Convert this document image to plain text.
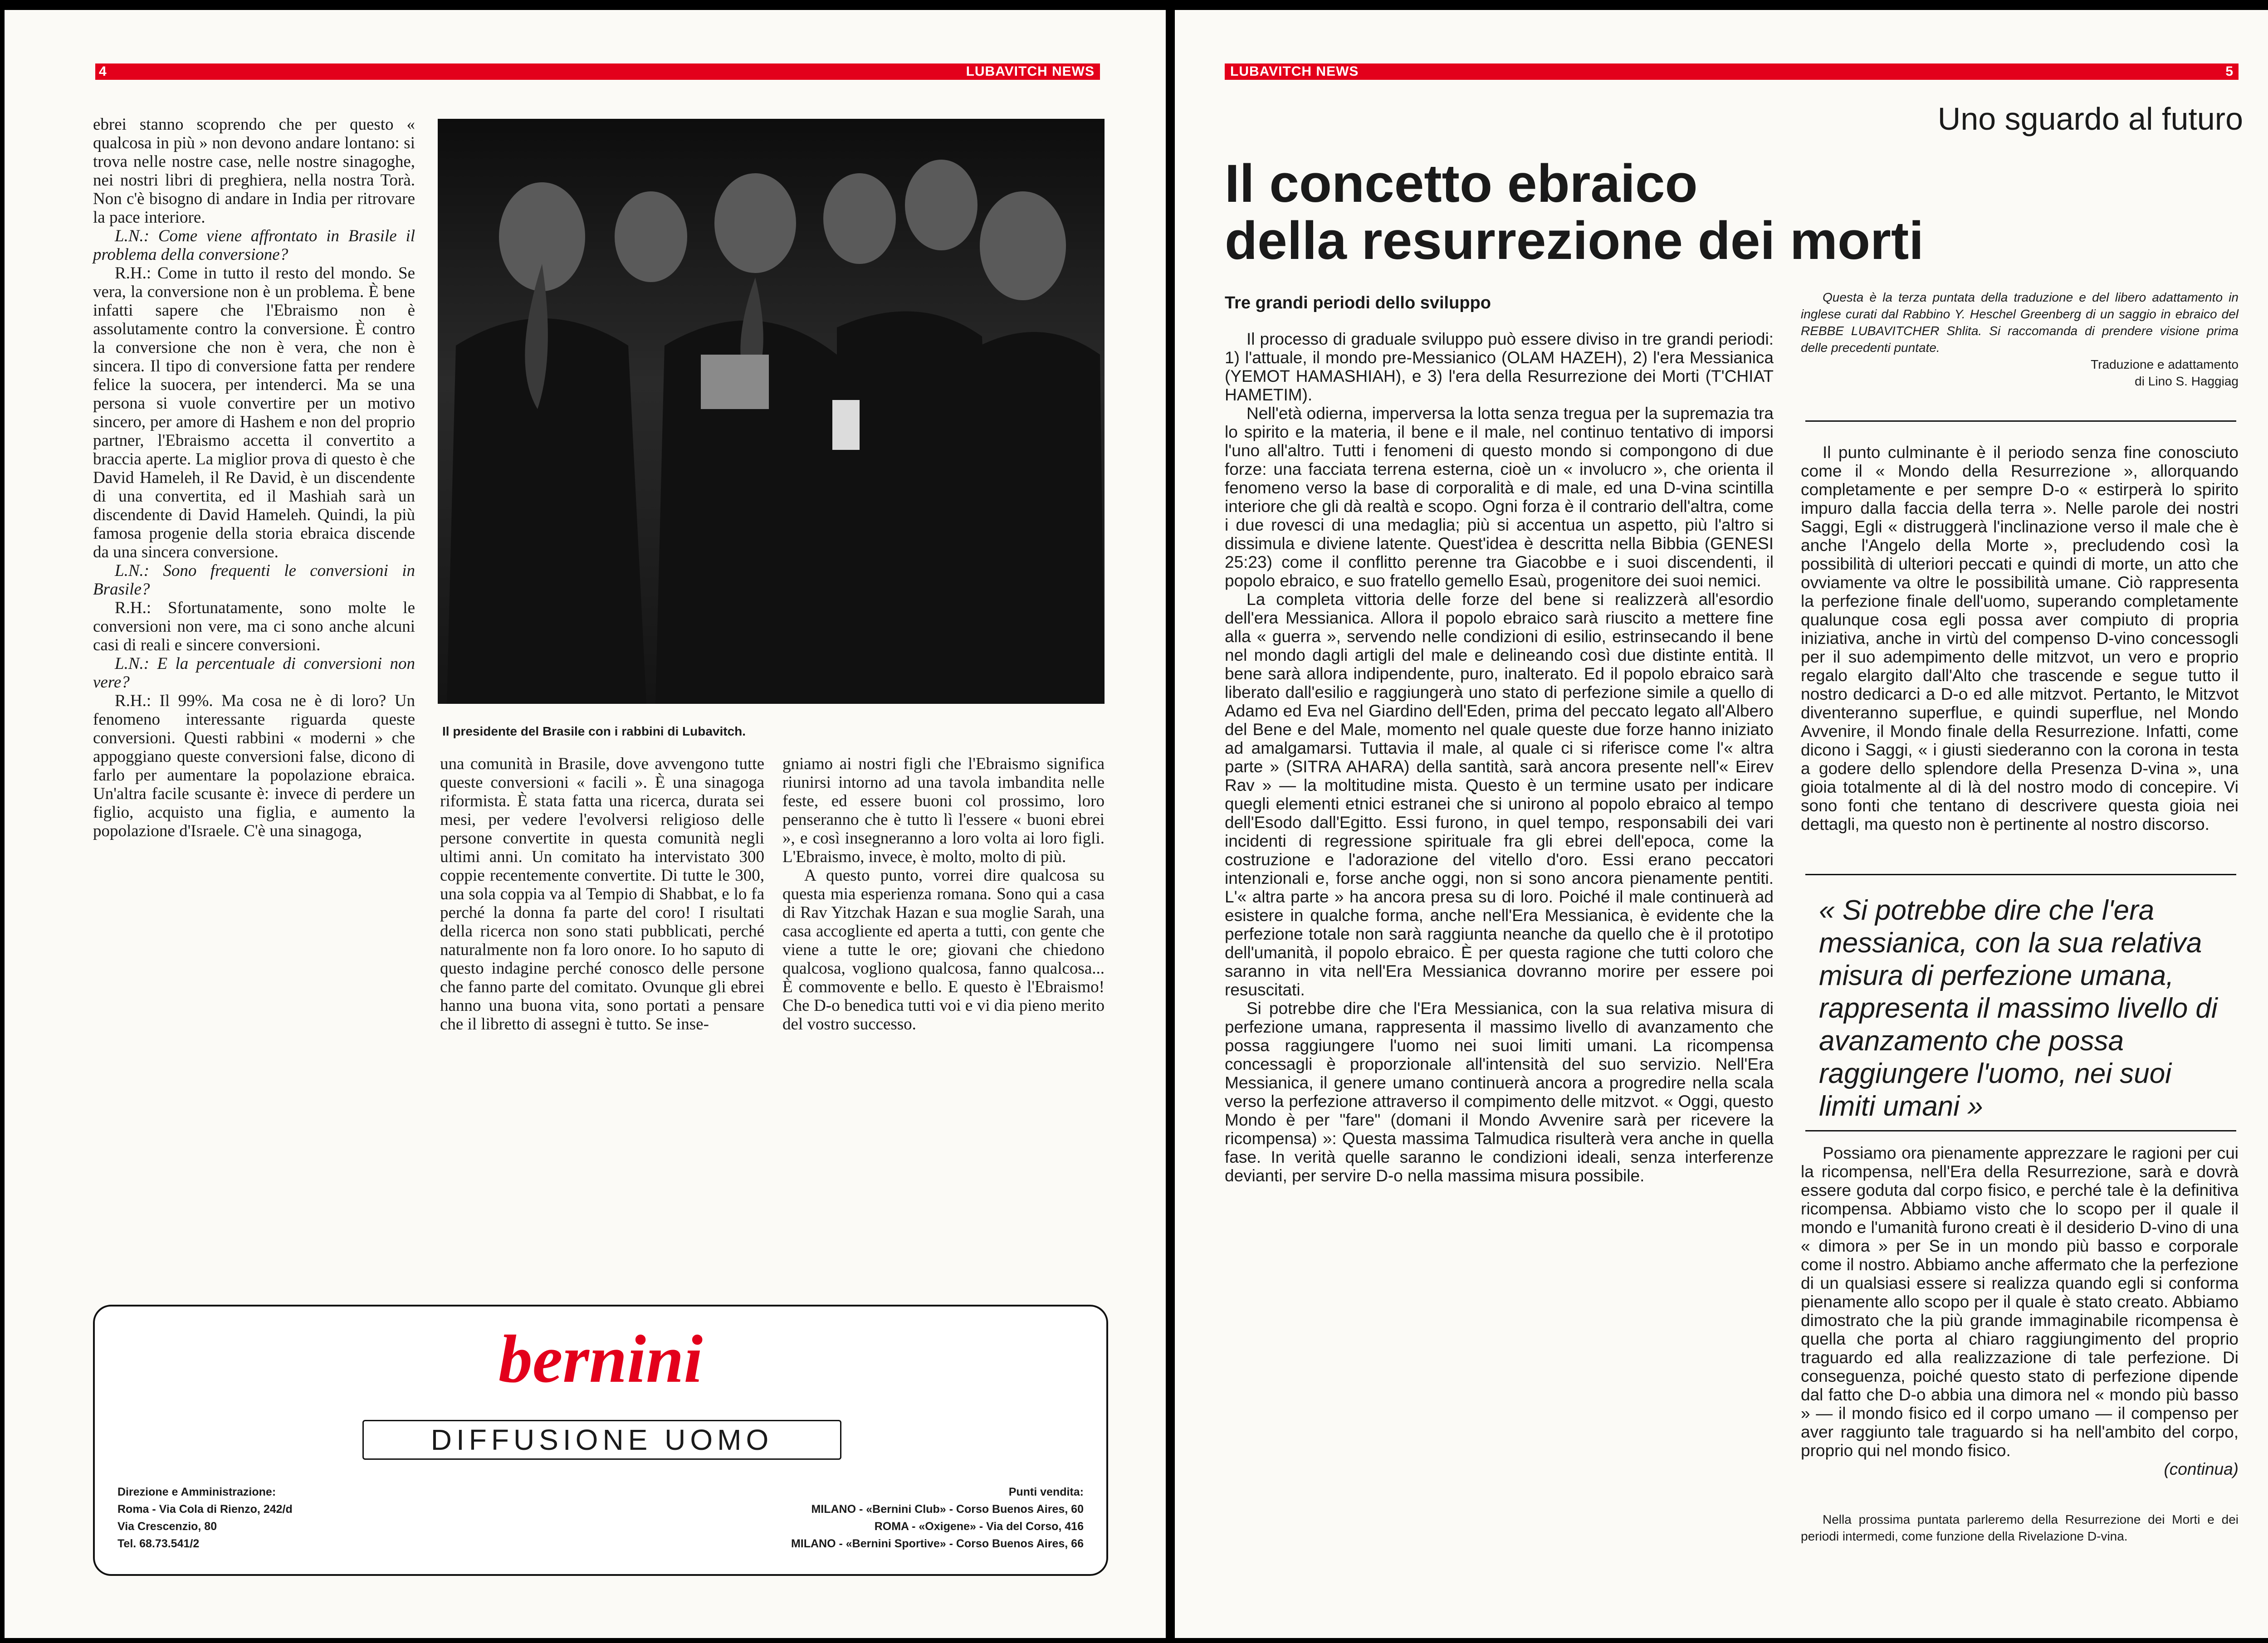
4	LUBAVITCH NEWS

ebrei stanno scoprendo che per questo « qualcosa in più » non devono andare lontano: si trova nelle nostre case, nelle nostre sinagoghe, nei nostri libri di preghiera, nella nostra Torà. Non c'è bisogno di andare in India per ritrovare la pace interiore.

L.N.: Come viene affrontato in Brasile il problema della conversione?

R.H.: Come in tutto il resto del mondo. Se vera, la conversione non è un problema. È bene infatti sapere che l'Ebraismo non è assolutamente contro la conversione. È contro la conversione che non è vera, che non è sincera. Il tipo di conversione fatta per rendere felice la suocera, per intenderci. Ma se una persona si vuole convertire per un motivo sincero, per amore di Hashem e non del proprio partner, l'Ebraismo accetta il convertito a braccia aperte. La miglior prova di questo è che David Hameleh, il Re David, è un discendente di una convertita, ed il Mashiah sarà un discendente di David Hameleh. Quindi, la più famosa progenie della storia ebraica discende da una sincera conversione.

L.N.: Sono frequenti le conversioni in Brasile?

R.H.: Sfortunatamente, sono molte le conversioni non vere, ma ci sono anche alcuni casi di reali e sincere conversioni.

L.N.: E la percentuale di conversioni non vere?

R.H.: Il 99%. Ma cosa ne è di loro? Un fenomeno interessante riguarda queste conversioni. Questi rabbini « moderni » che appoggiano queste conversioni false, dicono di farlo per aumentare la popolazione ebraica. Un'altra facile scusante è: invece di perdere un figlio, acquisto una figlia, e aumento la popolazione d'Israele. C'è una sinagoga,

Il presidente del Brasile con i rabbini di Lubavitch.

una comunità in Brasile, dove avvengono tutte queste conversioni « facili ». È una sinagoga riformista. È stata fatta una ricerca, durata sei mesi, per vedere l'evolversi religioso delle persone convertite in questa comunità negli ultimi anni. Un comitato ha intervistato 300 coppie recentemente convertite. Di tutte le 300, una sola coppia va al Tempio di Shabbat, e lo fa perché la donna fa parte del coro! I risultati della ricerca non sono stati pubblicati, perché naturalmente non fa loro onore. Io ho saputo di questo indagine perché conosco delle persone che fanno parte del comitato. Ovunque gli ebrei hanno una buona vita, sono portati a pensare che il libretto di assegni è tutto. Se inse-

gniamo ai nostri figli che l'Ebraismo significa riunirsi intorno ad una tavola imbandita nelle feste, ed essere buoni col prossimo, loro penseranno che è tutto lì l'essere « buoni ebrei », e così insegneranno a loro volta ai loro figli. L'Ebraismo, invece, è molto, molto di più.

A questo punto, vorrei dire qualcosa su questa mia esperienza romana. Sono qui a casa di Rav Yitzchak Hazan e sua moglie Sarah, una casa accogliente ed aperta a tutti, con gente che viene a tutte le ore; giovani che chiedono qualcosa, vogliono qualcosa, fanno qualcosa... È commovente e bello. E questo è l'Ebraismo! Che D-o benedica tutti voi e vi dia pieno merito del vostro successo.

bernini
DIFFUSIONE UOMO
Direzione e Amministrazione:
Roma - Via Cola di Rienzo, 242/d
Via Crescenzio, 80
Tel. 68.73.541/2
Punti vendita:
MILANO - «Bernini Club» - Corso Buenos Aires, 60
ROMA - «Oxigene» - Via del Corso, 416
MILANO - «Bernini Sportive» - Corso Buenos Aires, 66
LUBAVITCH NEWS	5
Uno sguardo al futuro
Il concetto ebraico
della resurrezione dei morti
Tre grandi periodi dello sviluppo	Questa è la terza puntata della traduzione e del libero adattamento in inglese curati dal Rabbino Y. Heschel Greenberg di un saggio in ebraico del REBBE LUBAVITCHER Shlita. Si raccomanda di prendere visione prima delle precedenti puntate.

Traduzione e adattamento
di Lino S. Haggiag

Il processo di graduale sviluppo può essere diviso in tre grandi periodi: 1) l'attuale, il mondo pre-Messianico (OLAM HAZEH), 2) l'era Messianica (YEMOT HAMASHIAH), e 3) l'era della Resurrezione dei Morti (T'CHIAT HAMETIM).

Nell'età odierna, imperversa la lotta senza tregua per la supremazia tra lo spirito e la materia, il bene e il male, nel continuo tentativo di imporsi l'uno all'altro. Tutti i fenomeni di questo mondo si compongono di due forze: una facciata terrena esterna, cioè un « involucro », che orienta il fenomeno verso la base di corporalità e di male, ed una D-vina scintilla interiore che gli dà realtà e scopo. Ogni forza è il contrario dell'altra, come i due rovesci di una medaglia; più si accentua un aspetto, più l'altro si dissimula e diviene latente. Quest'idea è descritta nella Bibbia (GENESI 25:23) come il conflitto perenne tra Giacobbe e i suoi discendenti, il popolo ebraico, e suo fratello gemello Esaù, progenitore dei suoi nemici.

La completa vittoria delle forze del bene si realizzerà all'esordio dell'era Messianica. Allora il popolo ebraico sarà riuscito a mettere fine alla « guerra », servendo nelle condizioni di esilio, estrinsecando il bene nel mondo dagli artigli del male e delineando così due distinte entità. Il bene sarà allora indipendente, puro, inalterato. Ed il popolo ebraico sarà liberato dall'esilio e raggiungerà uno stato di perfezione simile a quello di Adamo ed Eva nel Giardino dell'Eden, prima del peccato legato all'Albero del Bene e del Male, momento nel quale queste due forze hanno iniziato ad amalgamarsi. Tuttavia il male, al quale ci si riferisce come l'« altra parte » (SITRA AHARA) della santità, sarà ancora presente nell'« Eirev Rav » — la moltitudine mista. Questo è un termine usato per indicare quegli elementi etnici estranei che si unirono al popolo ebraico al tempo dell'Esodo dall'Egitto. Essi furono, in quel tempo, responsabili dei vari incidenti di regressione spirituale fra gli ebrei dell'epoca, come la costruzione e l'adorazione del vitello d'oro. Essi erano peccatori intenzionali e, forse anche oggi, non si sono ancora pienamente pentiti. L'« altra parte » ha ancora presa su di loro. Poiché il male continuerà ad esistere in qualche forma, anche nell'Era Messianica, è evidente che la perfezione totale non sarà raggiunta neanche da quello che è il prototipo dell'umanità, il popolo ebraico. È per questa ragione che tutti coloro che saranno in vita nell'Era Messianica dovranno morire per essere poi resuscitati.

Si potrebbe dire che l'Era Messianica, con la sua relativa misura di perfezione umana, rappresenta il massimo livello di avanzamento che possa raggiungere l'uomo nei suoi limiti umani. La ricompensa concessagli è proporzionale all'intensità del suo servizio. Nell'Era Messianica, il genere umano continuerà ancora a progredire nella scala verso la perfezione attraverso il compimento delle mitzvot. « Oggi, questo Mondo è per "fare" (domani il Mondo Avvenire sarà per ricevere la ricompensa) »: Questa massima Talmudica risulterà vera anche in quella fase. In verità quelle saranno le condizioni ideali, senza interferenze devianti, per servire D-o nella massima misura possibile.

Il punto culminante è il periodo senza fine conosciuto come il « Mondo della Resurrezione », allorquando completamente e per sempre D-o « estirperà lo spirito impuro dalla faccia della terra ». Nelle parole dei nostri Saggi, Egli « distruggerà l'inclinazione verso il male che è anche l'Angelo della Morte », precludendo così la possibilità di ulteriori peccati e quindi di morte, un atto che ovviamente va oltre le possibilità umane. Ciò rappresenta la perfezione finale dell'uomo, superando completamente qualunque cosa egli possa aver compiuto di propria iniziativa, anche in virtù del compenso D-vino concessogli per il suo adempimento delle mitzvot, un vero e proprio regalo elargito dall'Alto che trascende e segue tutto il nostro dedicarci a D-o ed alle mitzvot. Pertanto, le Mitzvot diventeranno superflue, e quindi superflue, nel Mondo Avvenire, il Mondo finale della Resurrezione. Infatti, come dicono i Saggi, « i giusti siederanno con la corona in testa a godere dello splendore della Presenza D-vina », una gioia totalmente al di là del nostro modo di concepire. Vi sono fonti che tentano di descrivere questa gioia nei dettagli, ma questo non è pertinente al nostro discorso.

« Si potrebbe dire che l'era messianica, con la sua relativa misura di perfezione umana, rappresenta il massimo livello di avanzamento che possa raggiungere l'uomo, nei suoi limiti umani »

Possiamo ora pienamente apprezzare le ragioni per cui la ricompensa, nell'Era della Resurrezione, sarà e dovrà essere goduta dal corpo fisico, e perché tale è la definitiva ricompensa. Abbiamo visto che lo scopo per il quale il mondo e l'umanità furono creati è il desiderio D-vino di una « dimora » per Se in un mondo più basso e corporale come il nostro. Abbiamo anche affermato che la perfezione di un qualsiasi essere si realizza quando egli si conforma pienamente allo scopo per il quale è stato creato. Abbiamo dimostrato che la più grande immaginabile ricompensa è quella che porta al chiaro raggiungimento del proprio traguardo ed alla realizzazione di tale perfezione. Di conseguenza, poiché questo stato di perfezione dipende dal fatto che D-o abbia una dimora nel « mondo più basso » — il mondo fisico ed il corpo umano — il compenso per aver raggiunto tale traguardo si ha nell'ambito del corpo, proprio qui nel mondo fisico.

(continua)

Nella prossima puntata parleremo della Resurrezione dei Morti e dei periodi intermedi, come funzione della Rivelazione D-vina.
